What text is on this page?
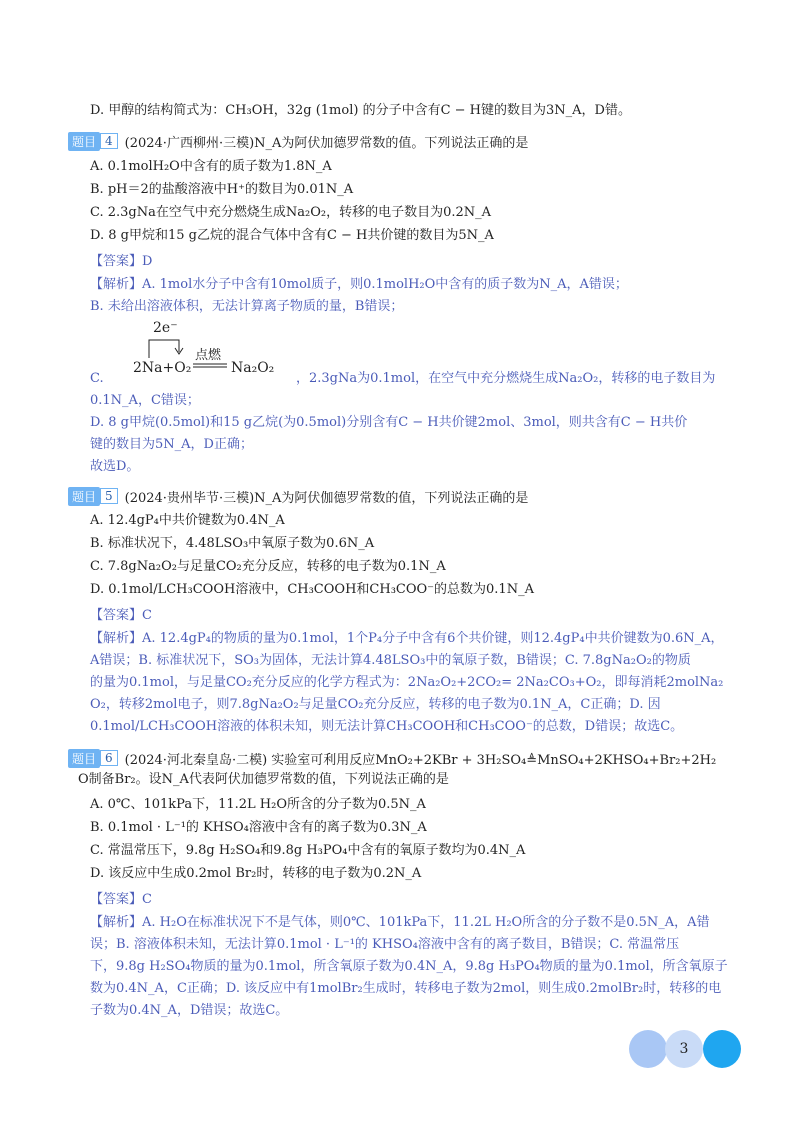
D. 甲醇的结构简式为：CH₃OH，32g (1mol) 的分子中含有C − H键的数目为3N_A，D错。
题目 4 (2024·广西柳州·三模)N_A为阿伏加德罗常数的值。下列说法正确的是
A. 0.1molH₂O中含有的质子数为1.8N_A
B. pH＝2的盐酸溶液中H⁺的数目为0.01N_A
C. 2.3gNa在空气中充分燃烧生成Na₂O₂，转移的电子数目为0.2N_A
D. 8 g甲烷和15 g乙烷的混合气体中含有C − H共价键的数目为5N_A
【答案】D
【解析】A. 1mol水分子中含有10mol质子，则0.1molH₂O中含有的质子数为N_A，A错误；
B. 未给出溶液体积，无法计算离子物质的量，B错误；
2e⁻
2Na+O₂
点燃
Na₂O₂
C.	，2.3gNa为0.1mol，在空气中充分燃烧生成Na₂O₂，转移的电子数目为
0.1N_A，C错误；
D. 8 g甲烷(0.5mol)和15 g乙烷(为0.5mol)分别含有C − H共价键2mol、3mol，则共含有C − H共价
键的数目为5N_A，D正确；
故选D。
题目 5 (2024·贵州毕节·三模)N_A为阿伏伽德罗常数的值，下列说法正确的是
A. 12.4gP₄中共价键数为0.4N_A
B. 标准状况下，4.48LSO₃中氧原子数为0.6N_A
C. 7.8gNa₂O₂与足量CO₂充分反应，转移的电子数为0.1N_A
D. 0.1mol/LCH₃COOH溶液中，CH₃COOH和CH₃COO⁻的总数为0.1N_A
【答案】C
【解析】A. 12.4gP₄的物质的量为0.1mol，1个P₄分子中含有6个共价键，则12.4gP₄中共价键数为0.6N_A，
A错误；B. 标准状况下，SO₃为固体，无法计算4.48LSO₃中的氧原子数，B错误；C. 7.8gNa₂O₂的物质
的量为0.1mol，与足量CO₂充分反应的化学方程式为：2Na₂O₂+2CO₂= 2Na₂CO₃+O₂，即每消耗2molNa₂
O₂，转移2mol电子，则7.8gNa₂O₂与足量CO₂充分反应，转移的电子数为0.1N_A，C正确；D. 因
0.1mol/LCH₃COOH溶液的体积未知，则无法计算CH₃COOH和CH₃COO⁻的总数，D错误；故选C。
题目 6 (2024·河北秦皇岛·二模) 实验室可利用反应MnO₂+2KBr + 3H₂SO₄≜MnSO₄+2KHSO₄+Br₂+2H₂
O制备Br₂。设N_A代表阿伏加德罗常数的值，下列说法正确的是
A. 0℃、101kPa下，11.2L H₂O所含的分子数为0.5N_A
B. 0.1mol · L⁻¹的 KHSO₄溶液中含有的离子数为0.3N_A
C. 常温常压下，9.8g H₂SO₄和9.8g H₃PO₄中含有的氧原子数均为0.4N_A
D. 该反应中生成0.2mol Br₂时，转移的电子数为0.2N_A
【答案】C
【解析】A. H₂O在标准状况下不是气体，则0℃、101kPa下，11.2L H₂O所含的分子数不是0.5N_A，A错
误；B. 溶液体积未知，无法计算0.1mol · L⁻¹的 KHSO₄溶液中含有的离子数目，B错误；C. 常温常压
下，9.8g H₂SO₄物质的量为0.1mol，所含氧原子数为0.4N_A，9.8g H₃PO₄物质的量为0.1mol，所含氧原子
数为0.4N_A，C正确；D. 该反应中有1molBr₂生成时，转移电子数为2mol，则生成0.2molBr₂时，转移的电
子数为0.4N_A，D错误；故选C。
3
